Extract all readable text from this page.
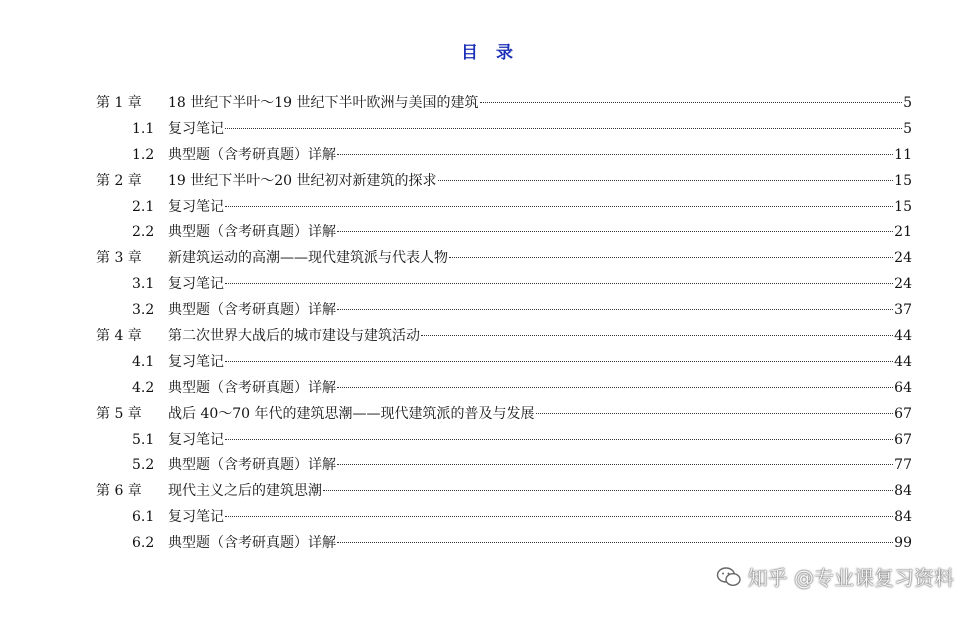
目 录
第 1 章	18 世纪下半叶～19 世纪下半叶欧洲与美国的建筑	5
1.1 复习笔记	5
1.2 典型题（含考研真题）详解	11
第 2 章	19 世纪下半叶～20 世纪初对新建筑的探求	15
2.1 复习笔记	15
2.2 典型题（含考研真题）详解	21
第 3 章	新建筑运动的高潮——现代建筑派与代表人物	24
3.1 复习笔记	24
3.2 典型题（含考研真题）详解	37
第 4 章	第二次世界大战后的城市建设与建筑活动	44
4.1 复习笔记	44
4.2 典型题（含考研真题）详解	64
第 5 章	战后 40～70 年代的建筑思潮——现代建筑派的普及与发展	67
5.1 复习笔记	67
5.2 典型题（含考研真题）详解	77
第 6 章	现代主义之后的建筑思潮	84
6.1 复习笔记	84
6.2 典型题（含考研真题）详解	99
知乎 @专业课复习资料
